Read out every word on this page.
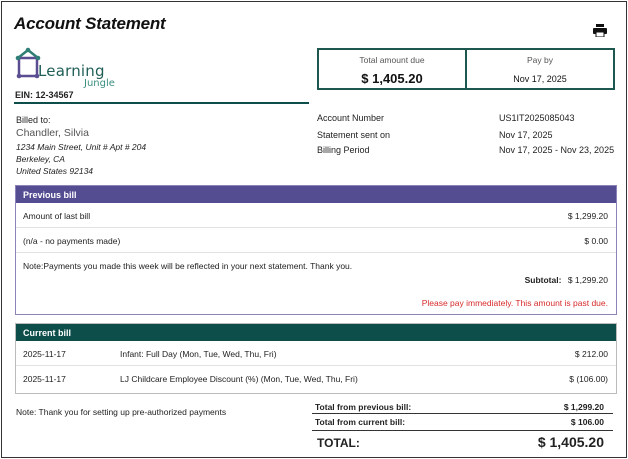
Account Statement
Learning
Jungle
EIN: 12-34567
Total amount due
$ 1,405.20
Pay by
Nov 17, 2025
Billed to:
Chandler, Silvia
1234 Main Street, Unit # Apt # 204
Berkeley, CA
United States 92134
Account Number	US1IT2025085043
Statement sent on	Nov 17, 2025
Billing Period	Nov 17, 2025 - Nov 23, 2025
Previous bill
Amount of last bill	$ 1,299.20
(n/a - no payments made)	$ 0.00
Note:Payments you made this week will be reflected in your next statement. Thank you.
Subtotal: $ 1,299.20
Please pay immediately. This amount is past due.
Current bill
2025-11-17	Infant: Full Day (Mon, Tue, Wed, Thu, Fri)	$ 212.00
2025-11-17	LJ Childcare Employee Discount (%) (Mon, Tue, Wed, Thu, Fri)	$ (106.00)
Note: Thank you for setting up pre-authorized payments	Total from previous bill:	$ 1,299.20
Total from current bill:	$ 106.00
TOTAL:	$ 1,405.20
